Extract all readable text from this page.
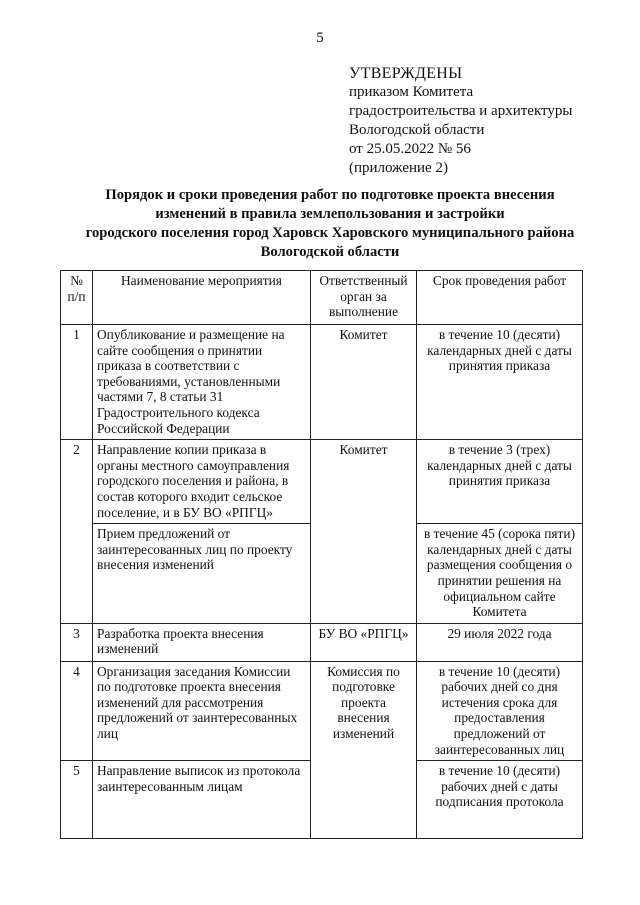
5
УТВЕРЖДЕНЫ
приказом Комитета
градостроительства и архитектуры
Вологодской области
от 25.05.2022 № 56
(приложение 2)
Порядок и сроки проведения работ по подготовке проекта внесения
изменений в правила землепользования и застройки
городского поселения город Харовск Харовского муниципального района
Вологодской области
№ п/п	Наименование мероприятия	Ответственный орган за выполнение	Срок проведения работ
1	Опубликование и размещение на сайте сообщения о принятии приказа в соответствии с требованиями, установленными частями 7, 8 статьи 31 Градостроительного кодекса Российской Федерации	Комитет	в течение 10 (десяти) календарных дней с даты принятия приказа
2	Направление копии приказа в органы местного самоуправления городского поселения и района, в состав которого входит сельское поселение, и в БУ ВО «РПГЦ»	Комитет	в течение 3 (трех) календарных дней с даты принятия приказа
	Прием предложений от заинтересованных лиц по проекту внесения изменений		в течение 45 (сорока пяти) календарных дней с даты размещения сообщения о принятии решения на официальном сайте Комитета
3	Разработка проекта внесения изменений	БУ ВО «РПГЦ»	29 июля 2022 года
4	Организация заседания Комиссии по подготовке проекта внесения изменений для рассмотрения предложений от заинтересованных лиц	Комиссия по подготовке проекта внесения изменений	в течение 10 (десяти) рабочих дней со дня истечения срока для предоставления предложений от заинтересованных лиц
5	Направление выписок из протокола заинтересованным лицам		в течение 10 (десяти) рабочих дней с даты подписания протокола
